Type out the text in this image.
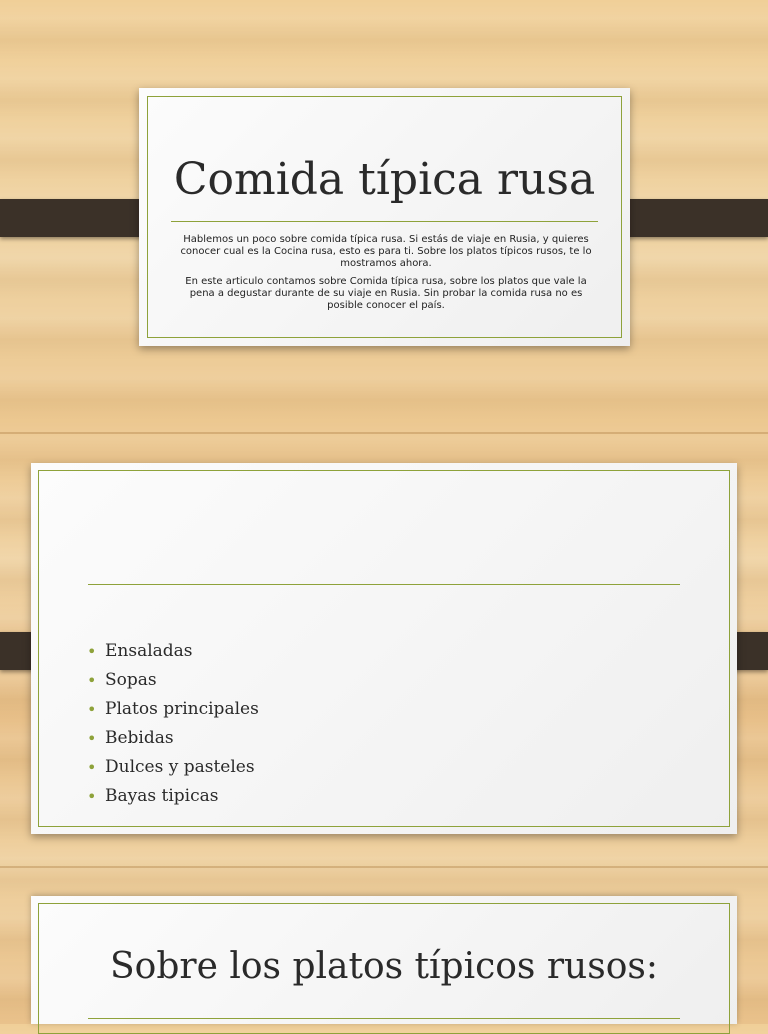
Comida típica rusa

Hablemos un poco sobre comida típica rusa. Si estás de viaje en Rusia, y quieres conocer cual es la Cocina rusa, esto es para ti. Sobre los platos típicos rusos, te lo mostramos ahora.

En este articulo contamos sobre Comida típica rusa, sobre los platos que vale la pena a degustar durante de su viaje en Rusia. Sin probar la comida rusa no es posible conocer el país.

• Ensaladas
• Sopas
• Platos principales
• Bebidas
• Dulces y pasteles
• Bayas tipicas
Sobre los platos típicos rusos:
